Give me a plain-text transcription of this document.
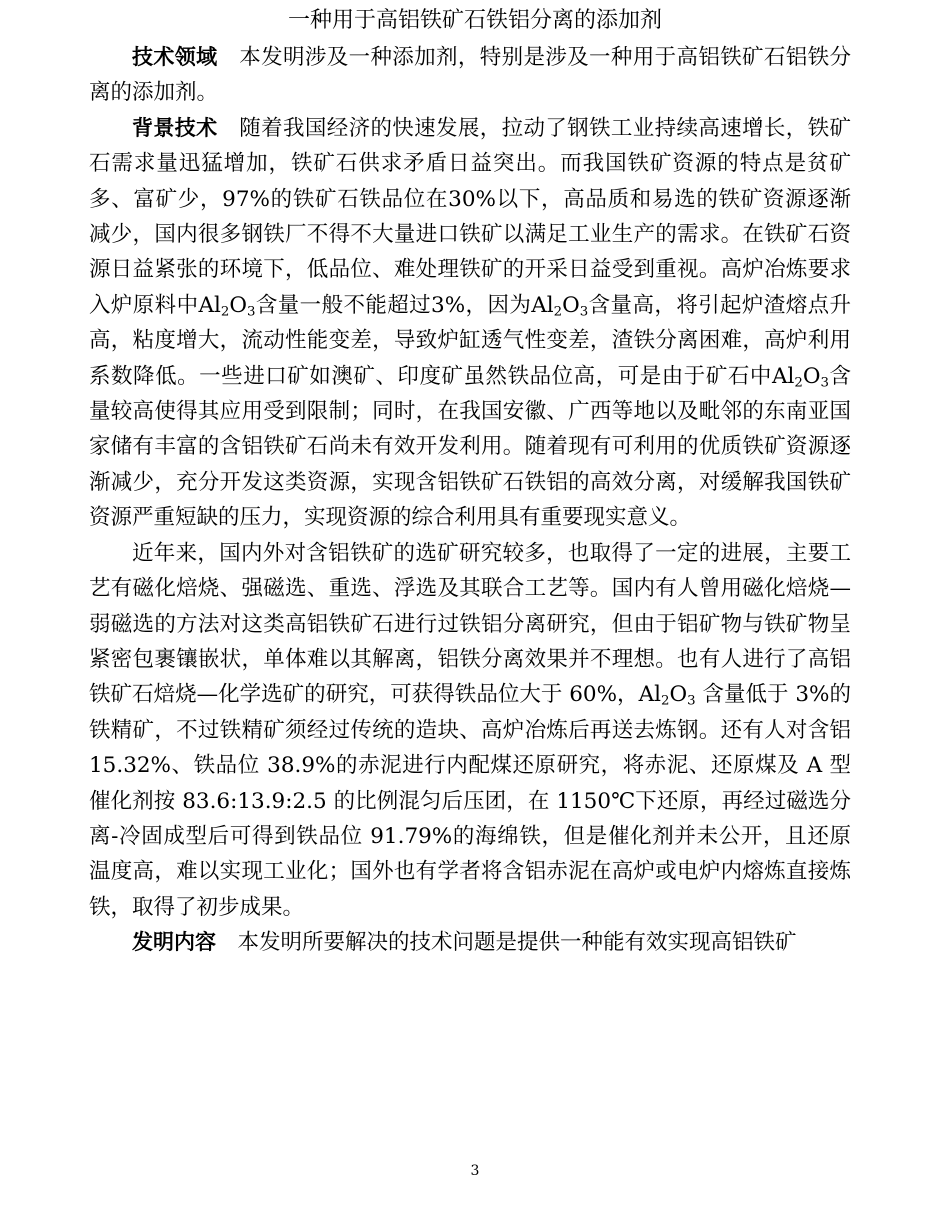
一种用于高铝铁矿石铁铝分离的添加剂

技术领域  本发明涉及一种添加剂，特别是涉及一种用于高铝铁矿石铝铁分离的添加剂。

背景技术  随着我国经济的快速发展，拉动了钢铁工业持续高速增长，铁矿石需求量迅猛增加，铁矿石供求矛盾日益突出。而我国铁矿资源的特点是贫矿多、富矿少，97%的铁矿石铁品位在30%以下，高品质和易选的铁矿资源逐渐减少，国内很多钢铁厂不得不大量进口铁矿以满足工业生产的需求。在铁矿石资源日益紧张的环境下，低品位、难处理铁矿的开采日益受到重视。高炉冶炼要求入炉原料中$Al_2O_3$含量一般不能超过3%，因为$Al_2O_3$含量高，将引起炉渣熔点升高，粘度增大，流动性能变差，导致炉缸透气性变差，渣铁分离困难，高炉利用系数降低。一些进口矿如澳矿、印度矿虽然铁品位高，可是由于矿石中$Al_2O_3$含量较高使得其应用受到限制；同时，在我国安徽、广西等地以及毗邻的东南亚国家储有丰富的含铝铁矿石尚未有效开发利用。随着现有可利用的优质铁矿资源逐渐减少，充分开发这类资源，实现含铝铁矿石铁铝的高效分离，对缓解我国铁矿资源严重短缺的压力，实现资源的综合利用具有重要现实意义。

近年来，国内外对含铝铁矿的选矿研究较多，也取得了一定的进展，主要工艺有磁化焙烧、强磁选、重选、浮选及其联合工艺等。国内有人曾用磁化焙烧—弱磁选的方法对这类高铝铁矿石进行过铁铝分离研究，但由于铝矿物与铁矿物呈紧密包裹镶嵌状，单体难以其解离，铝铁分离效果并不理想。也有人进行了高铝铁矿石焙烧—化学选矿的研究，可获得铁品位大于 60%，$Al_2O_3$ 含量低于 3%的铁精矿，不过铁精矿须经过传统的造块、高炉冶炼后再送去炼钢。还有人对含铝 15.32%、铁品位 38.9%的赤泥进行内配煤还原研究，将赤泥、还原煤及 A 型催化剂按 83.6:13.9:2.5 的比例混匀后压团，在 1150℃下还原，再经过磁选分离-冷固成型后可得到铁品位 91.79%的海绵铁，但是催化剂并未公开，且还原温度高，难以实现工业化；国外也有学者将含铝赤泥在高炉或电炉内熔炼直接炼铁，取得了初步成果。

发明内容  本发明所要解决的技术问题是提供一种能有效实现高铝铁矿

3
